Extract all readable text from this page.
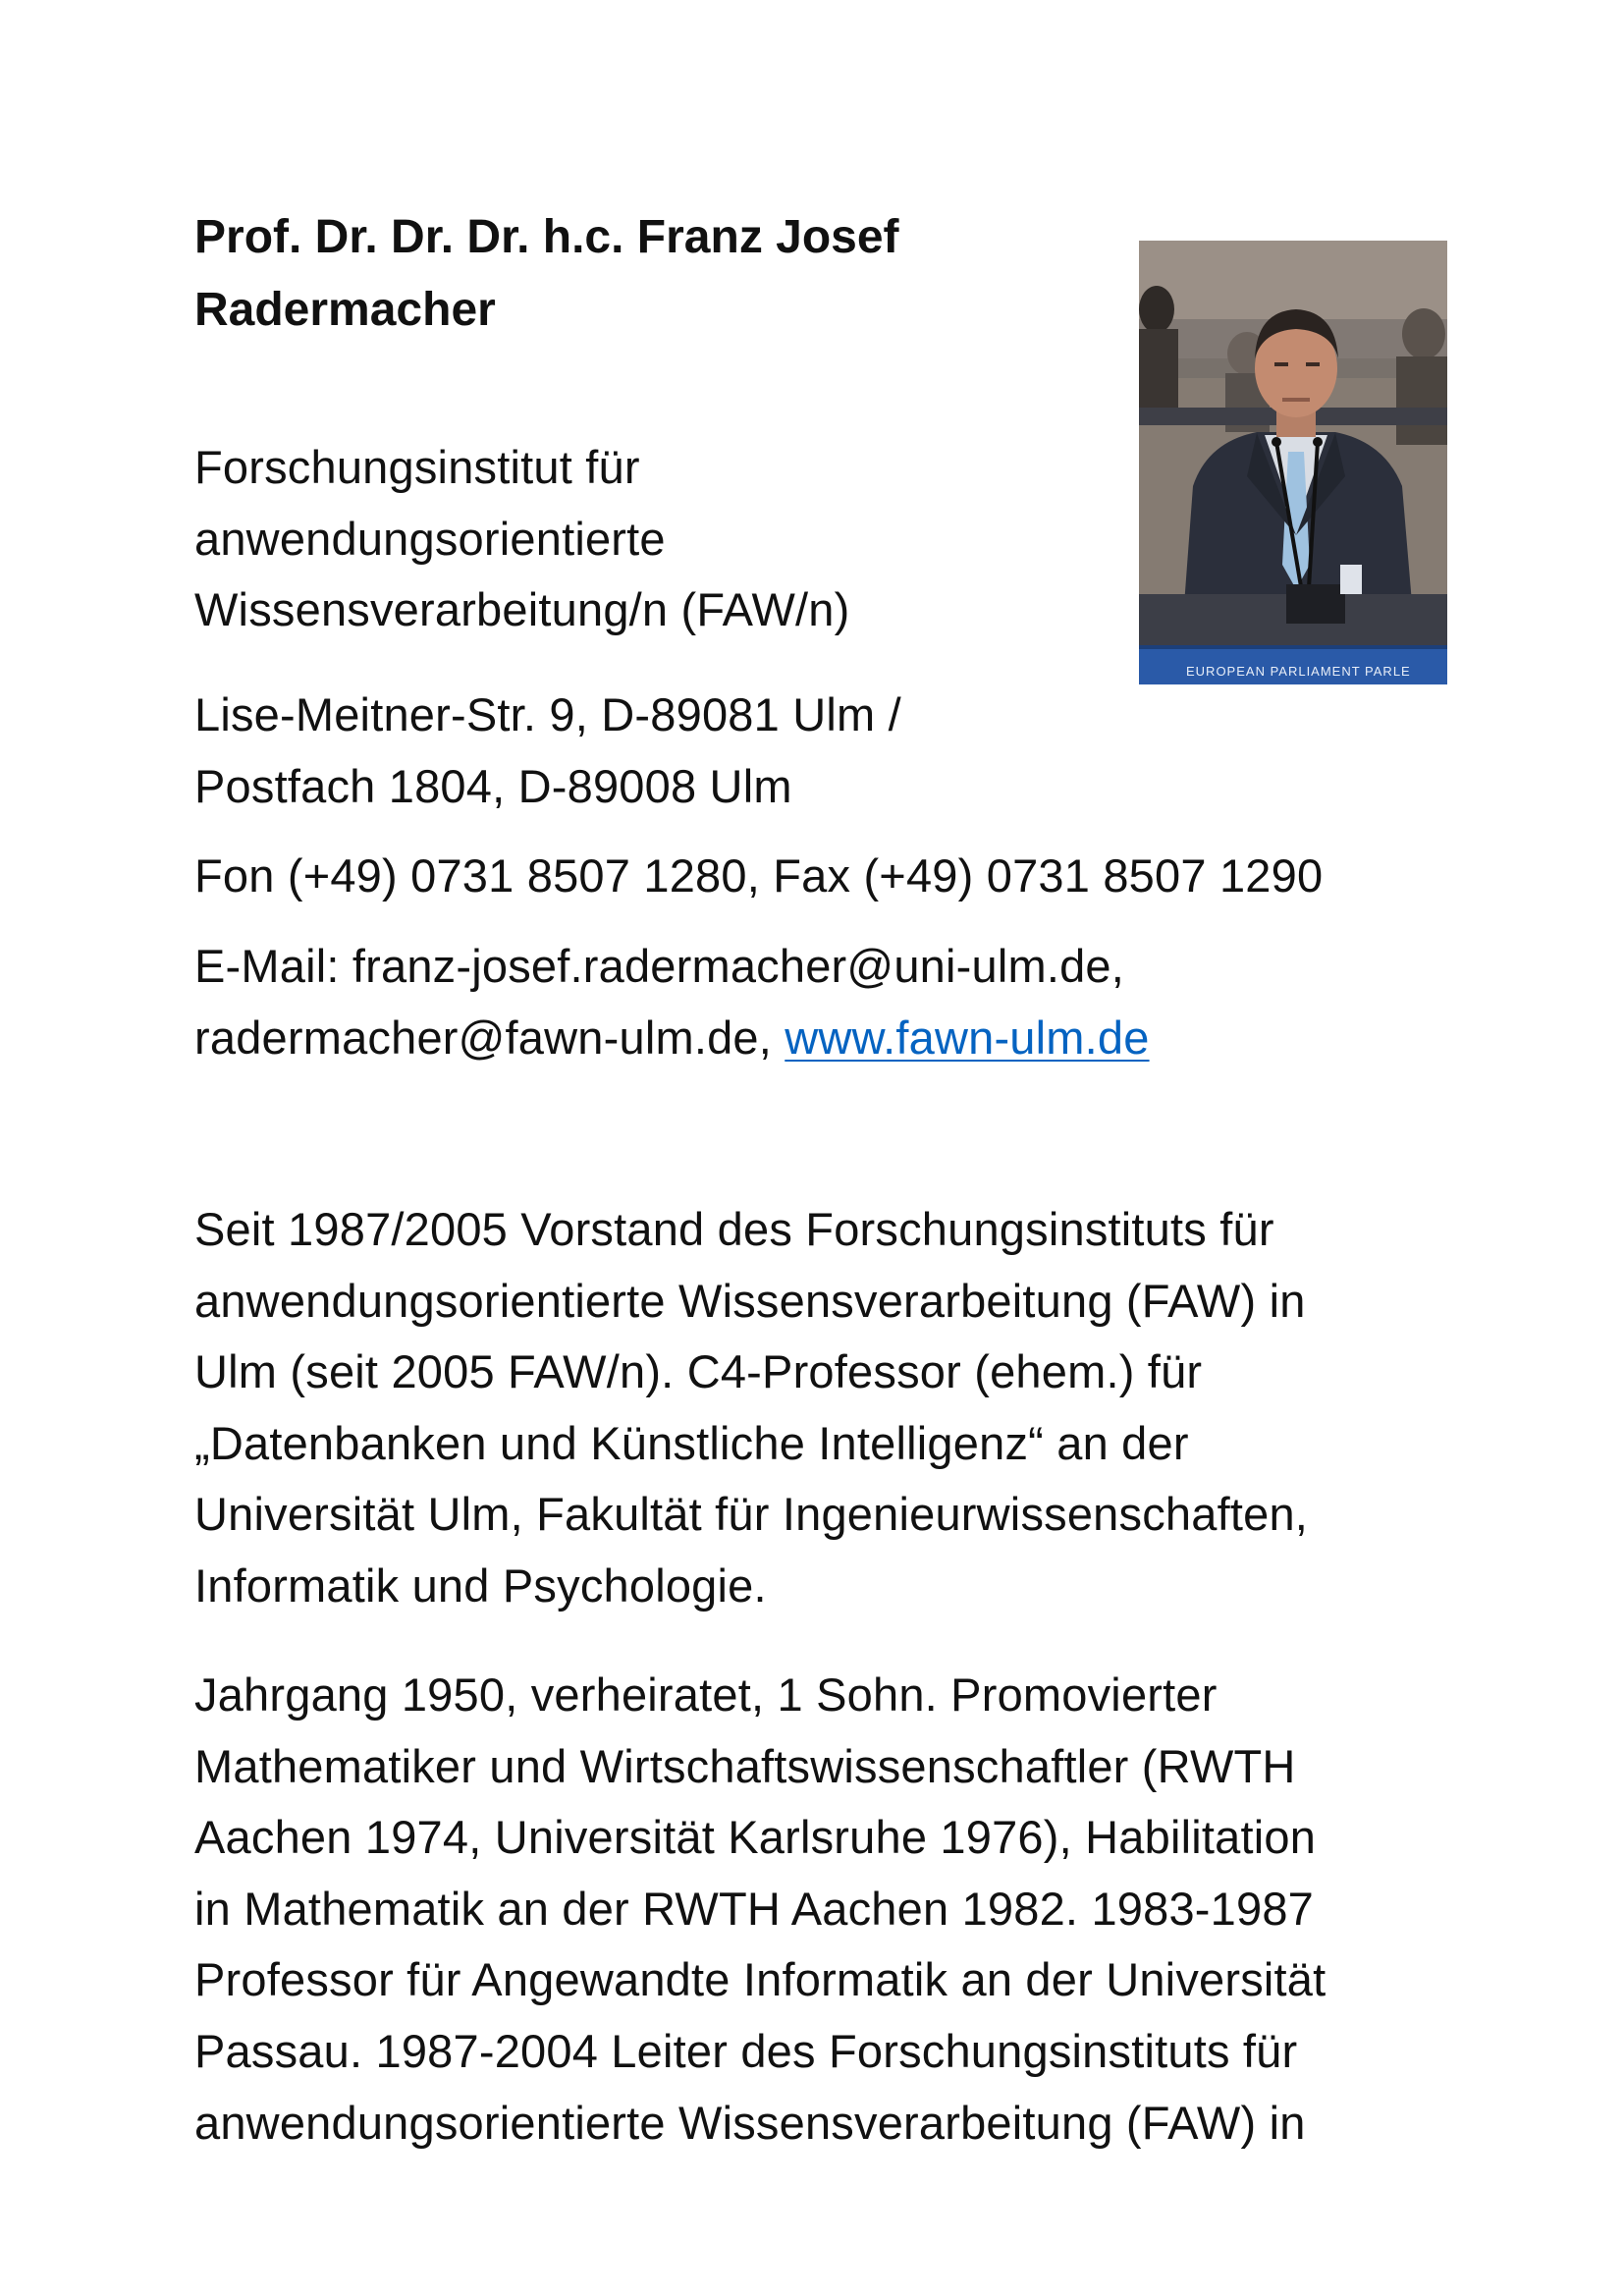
Prof. Dr. Dr. Dr. h.c. Franz Josef
Radermacher
EUROPEAN PARLIAMENT PARLE

Forschungsinstitut für
anwendungsorientierte
Wissensverarbeitung/n (FAW/n)

Lise-Meitner-Str. 9, D-89081 Ulm /
Postfach 1804, D-89008 Ulm

Fon (+49) 0731 8507 1280, Fax (+49) 0731 8507 1290

E-Mail: franz-josef.radermacher@uni-ulm.de,
radermacher@fawn-ulm.de, www.fawn-ulm.de

Seit 1987/2005 Vorstand des Forschungsinstituts für
anwendungsorientierte Wissensverarbeitung (FAW) in
Ulm (seit 2005 FAW/n). C4-Professor (ehem.) für
„Datenbanken und Künstliche Intelligenz“ an der
Universität Ulm, Fakultät für Ingenieurwissenschaften,
Informatik und Psychologie.

Jahrgang 1950, verheiratet, 1 Sohn. Promovierter
Mathematiker und Wirtschaftswissenschaftler (RWTH
Aachen 1974, Universität Karlsruhe 1976), Habilitation
in Mathematik an der RWTH Aachen 1982. 1983-1987
Professor für Angewandte Informatik an der Universität
Passau. 1987-2004 Leiter des Forschungsinstituts für
anwendungsorientierte Wissensverarbeitung (FAW) in
